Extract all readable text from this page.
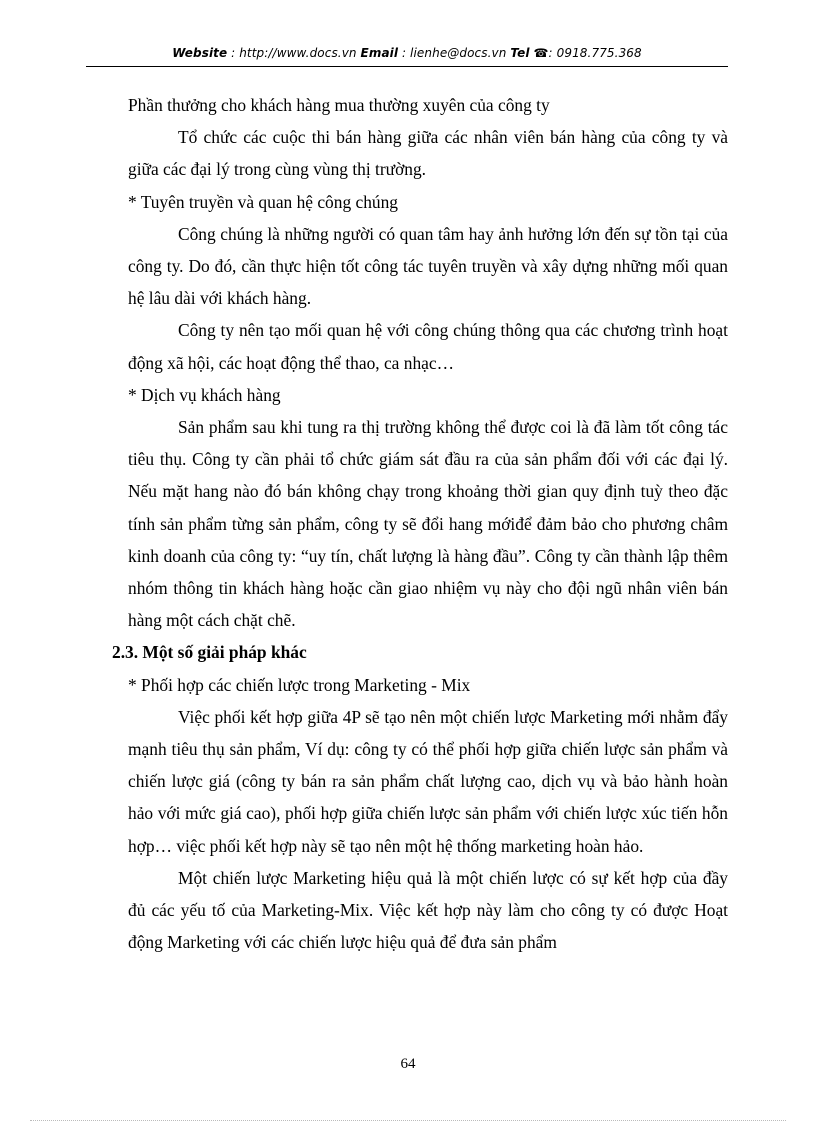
Website : http://www.docs.vn Email : lienhe@docs.vn Tel ☎: 0918.775.368

Phần thưởng cho khách hàng mua thường xuyên của công ty

Tổ chức các cuộc thi bán hàng giữa các nhân viên bán hàng của công ty và giữa các đại lý trong cùng vùng thị trường.

* Tuyên truyền và quan hệ công chúng

Công chúng là những người có quan tâm hay ảnh hưởng lớn đến sự tồn tại của công ty. Do đó, cần thực hiện tốt công tác tuyên truyền và xây dựng những mối quan hệ lâu dài với khách hàng.

Công ty nên tạo mối quan hệ với công chúng thông qua các chương trình hoạt động xã hội, các hoạt động thể thao, ca nhạc…

* Dịch vụ khách hàng

Sản phẩm sau khi tung ra thị trường không thể được coi là đã làm tốt công tác tiêu thụ. Công ty cần phải tổ chức giám sát đầu ra của sản phẩm đối với các đại lý. Nếu mặt hang nào đó bán không chạy trong khoảng thời gian quy định tuỳ theo đặc tính sản phẩm từng sản phẩm, công ty sẽ đổi hang mớiđể đảm bảo cho phương châm kinh doanh của công ty: “uy tín, chất lượng là hàng đầu”. Công ty cần thành lập thêm nhóm thông tin khách hàng hoặc cần giao nhiệm vụ này cho đội ngũ nhân viên bán hàng một cách chặt chẽ.

2.3. Một số giải pháp khác

* Phối hợp các chiến lược trong Marketing - Mix

Việc phối kết hợp giữa 4P sẽ tạo nên một chiến lược Marketing mới nhằm đẩy mạnh tiêu thụ sản phẩm, Ví dụ: công ty có thể phối hợp giữa chiến lược sản phẩm và chiến lược giá (công ty bán ra sản phẩm chất lượng cao, dịch vụ và bảo hành hoàn hảo với mức giá cao), phối hợp giữa chiến lược sản phẩm với chiến lược xúc tiến hỗn hợp… việc phối kết hợp này sẽ tạo nên một hệ thống marketing hoàn hảo.

Một chiến lược Marketing hiệu quả là một chiến lược có sự kết hợp của đầy đủ các yếu tố của Marketing-Mix. Việc kết hợp này làm cho công ty có được Hoạt động Marketing với các chiến lược hiệu quả để đưa sản phẩm

64
